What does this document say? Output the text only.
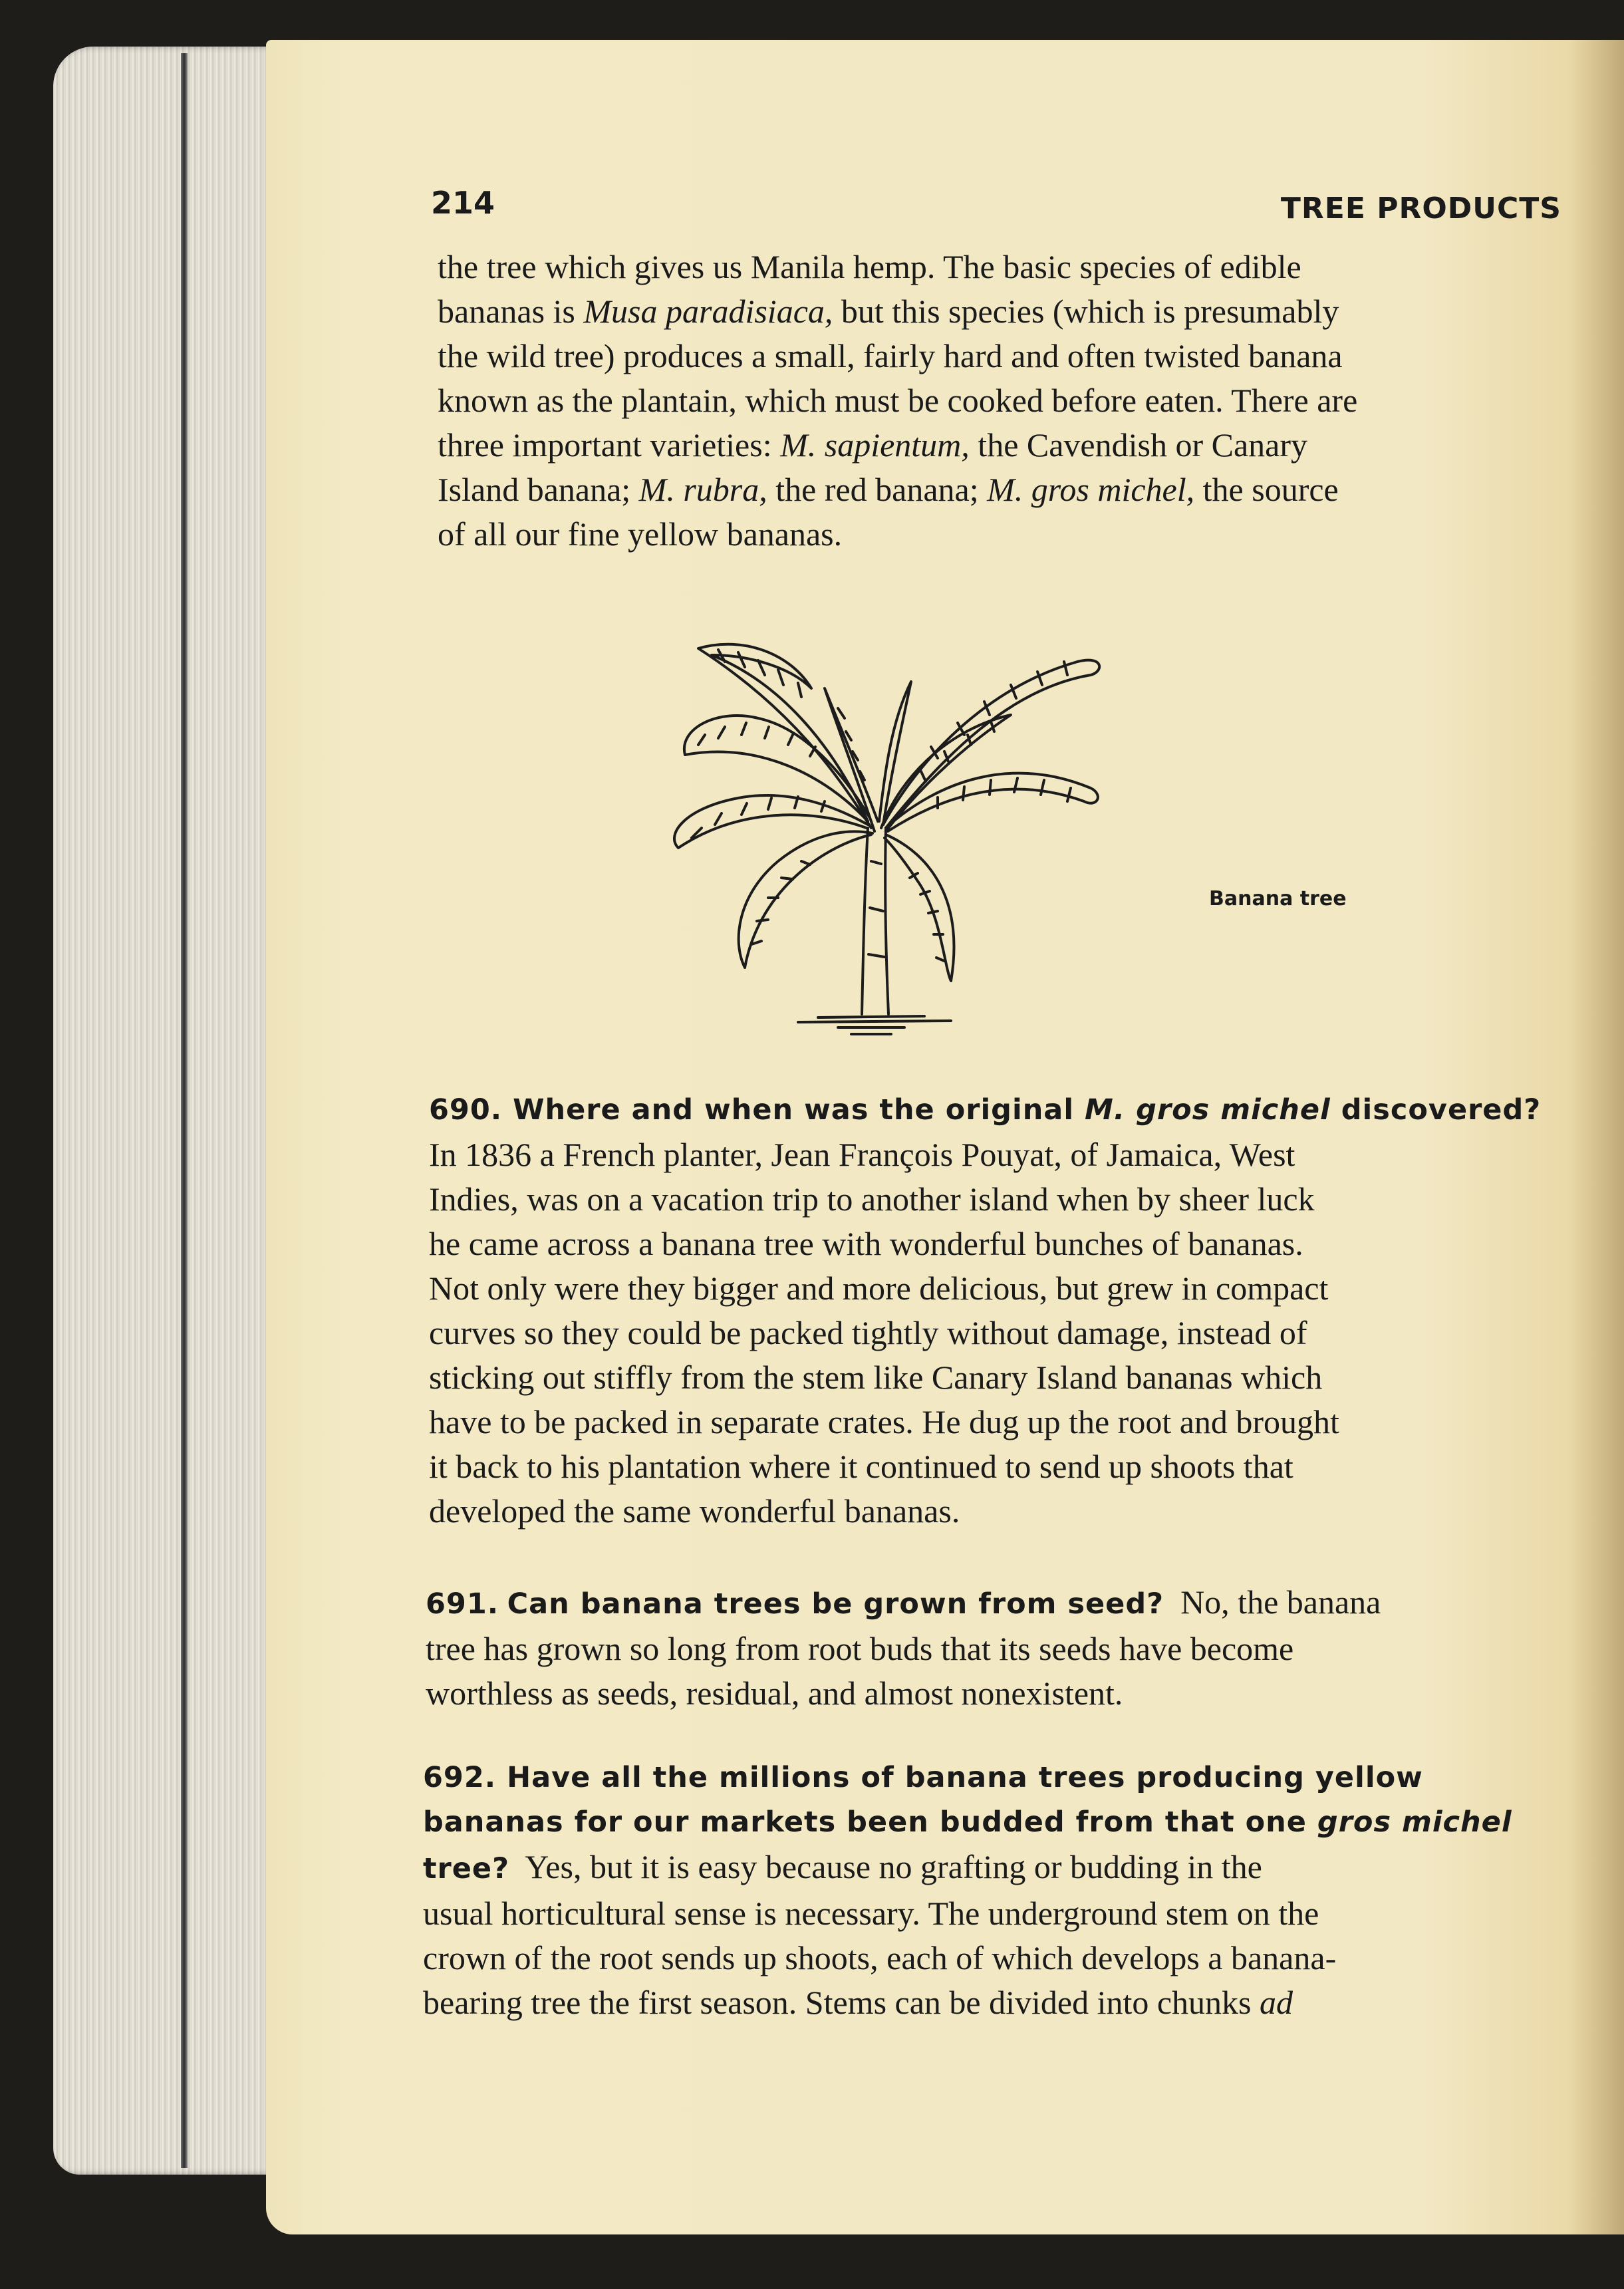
214	TREE PRODUCTS
the tree which gives us Manila hemp. The basic species of edible
bananas is Musa paradisiaca, but this species (which is presumably
the wild tree) produces a small, fairly hard and often twisted banana
known as the plantain, which must be cooked before eaten. There are
three important varieties: M. sapientum, the Cavendish or Canary
Island banana; M. rubra, the red banana; M. gros michel, the source
of all our fine yellow bananas.
Banana tree
690. Where and when was the original M. gros michel discovered?
In 1836 a French planter, Jean François Pouyat, of Jamaica, West
Indies, was on a vacation trip to another island when by sheer luck
he came across a banana tree with wonderful bunches of bananas.
Not only were they bigger and more delicious, but grew in compact
curves so they could be packed tightly without damage, instead of
sticking out stiffly from the stem like Canary Island bananas which
have to be packed in separate crates. He dug up the root and brought
it back to his plantation where it continued to send up shoots that
developed the same wonderful bananas.
691. Can banana trees be grown from seed? No, the banana
tree has grown so long from root buds that its seeds have become
worthless as seeds, residual, and almost nonexistent.
692. Have all the millions of banana trees producing yellow
bananas for our markets been budded from that one gros michel
tree? Yes, but it is easy because no grafting or budding in the
usual horticultural sense is necessary. The underground stem on the
crown of the root sends up shoots, each of which develops a banana-
bearing tree the first season. Stems can be divided into chunks ad
